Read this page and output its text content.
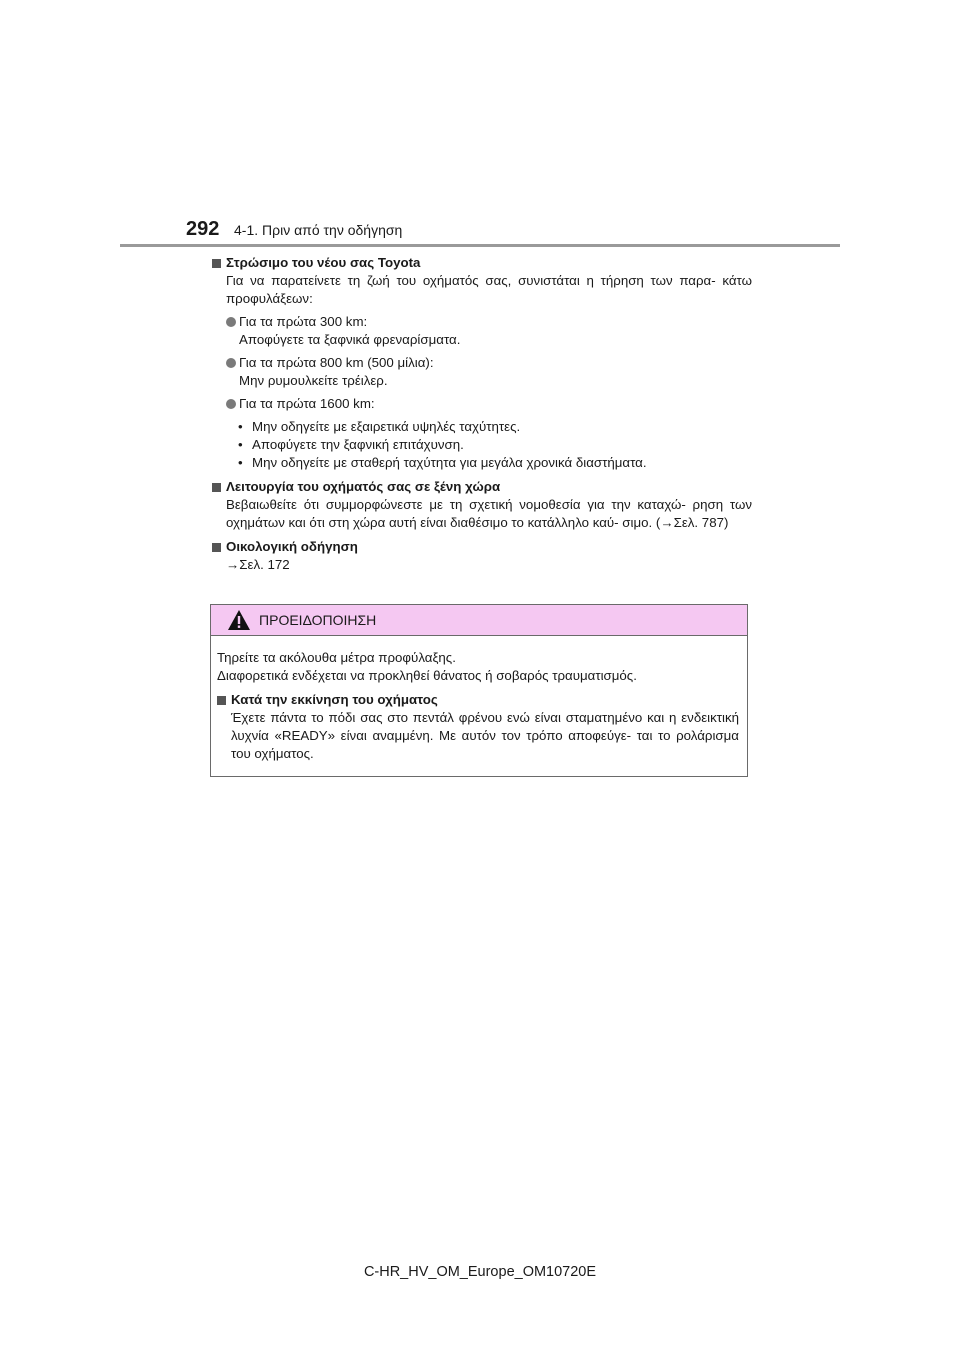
292	4-1. Πριν από την οδήγηση
Στρώσιμο του νέου σας Toyota
Για να παρατείνετε τη ζωή του οχήματός σας, συνιστάται η τήρηση των παρα- κάτω προφυλάξεων:
Για τα πρώτα 300 km:
Αποφύγετε τα ξαφνικά φρεναρίσματα.
Για τα πρώτα 800 km (500 μίλια):
Μην ρυμουλκείτε τρέιλερ.
Για τα πρώτα 1600 km:
• Μην οδηγείτε με εξαιρετικά υψηλές ταχύτητες.
• Αποφύγετε την ξαφνική επιτάχυνση.
• Μην οδηγείτε με σταθερή ταχύτητα για μεγάλα χρονικά διαστήματα.
Λειτουργία του οχήματός σας σε ξένη χώρα
Βεβαιωθείτε ότι συμμορφώνεστε με τη σχετική νομοθεσία για την καταχώ- ρηση των οχημάτων και ότι στη χώρα αυτή είναι διαθέσιμο το κατάλληλο καύ- σιμο. (→Σελ. 787)
Οικολογική οδήγηση
→Σελ. 172
ΠΡΟΕΙΔΟΠΟΙΗΣΗ
Τηρείτε τα ακόλουθα μέτρα προφύλαξης.
Διαφορετικά ενδέχεται να προκληθεί θάνατος ή σοβαρός τραυματισμός.
Κατά την εκκίνηση του οχήματος
Έχετε πάντα το πόδι σας στο πεντάλ φρένου ενώ είναι σταματημένο και η ενδεικτική λυχνία «READY» είναι αναμμένη. Με αυτόν τον τρόπο αποφεύγε- ται το ρολάρισμα του οχήματος.
C-HR_HV_OM_Europe_OM10720E
